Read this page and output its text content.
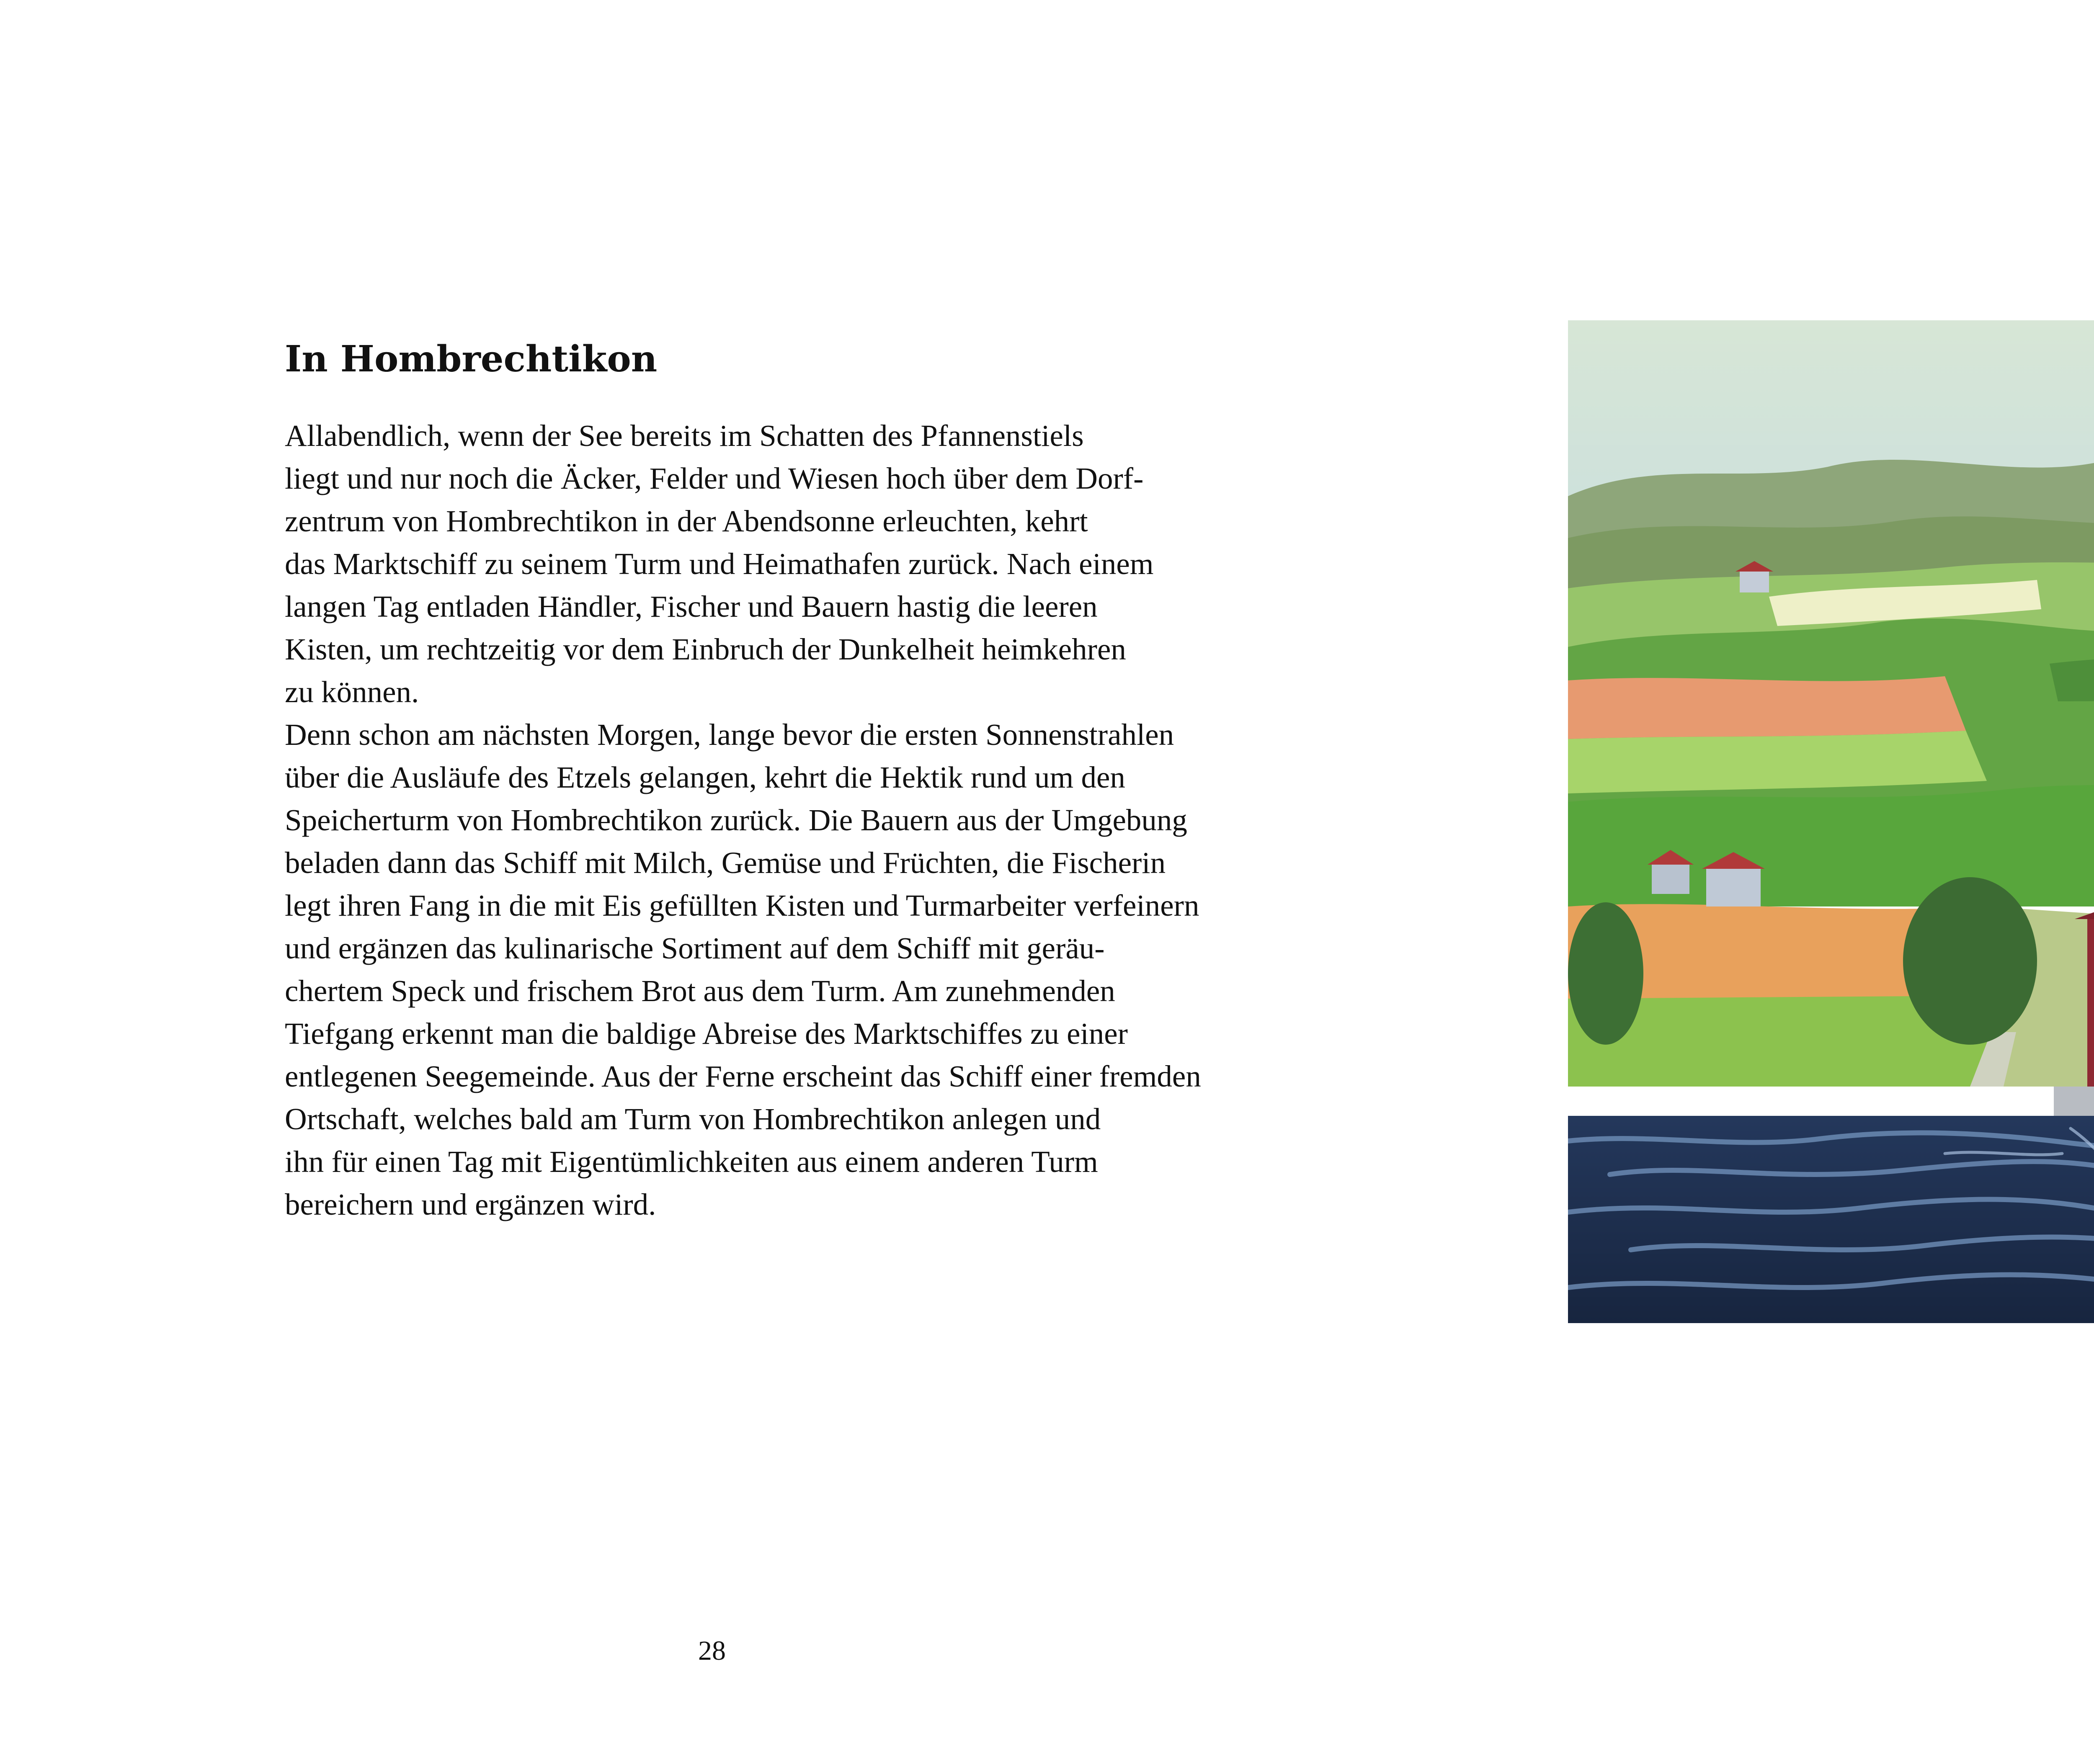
In Hombrechtikon

Allabendlich, wenn der See bereits im Schatten des Pfannenstiels
liegt und nur noch die Äcker, Felder und Wiesen hoch über dem Dorf-
zentrum von Hombrechtikon in der Abendsonne erleuchten, kehrt
das Marktschiff zu seinem Turm und Heimathafen zurück. Nach einem
langen Tag entladen Händler, Fischer und Bauern hastig die leeren
Kisten, um rechtzeitig vor dem Einbruch der Dunkelheit heimkehren
zu können.
Denn schon am nächsten Morgen, lange bevor die ersten Sonnenstrahlen
über die Ausläufe des Etzels gelangen, kehrt die Hektik rund um den
Speicherturm von Hombrechtikon zurück. Die Bauern aus der Umgebung
beladen dann das Schiff mit Milch, Gemüse und Früchten, die Fischerin
legt ihren Fang in die mit Eis gefüllten Kisten und Turmarbeiter verfeinern
und ergänzen das kulinarische Sortiment auf dem Schiff mit geräu-
chertem Speck und frischem Brot aus dem Turm. Am zunehmenden
Tiefgang erkennt man die baldige Abreise des Marktschiffes zu einer
entlegenen Seegemeinde. Aus der Ferne erscheint das Schiff einer fremden
Ortschaft, welches bald am Turm von Hombrechtikon anlegen und
ihn für einen Tag mit Eigentümlichkeiten aus einem anderen Turm
bereichern und ergänzen wird.

28
